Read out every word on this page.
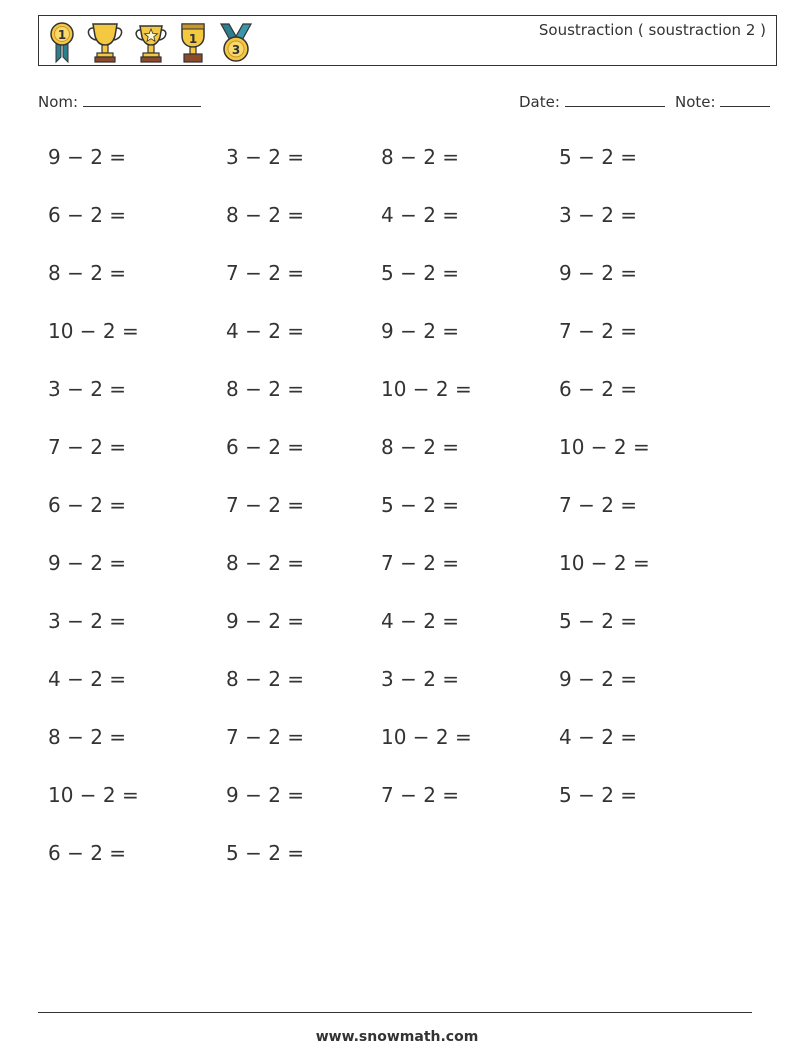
1	1
3
Soustraction ( soustraction 2 )
Nom:	Date:	Note:
9 − 2 =	3 − 2 =	8 − 2 =	5 − 2 =
6 − 2 =	8 − 2 =	4 − 2 =	3 − 2 =
8 − 2 =	7 − 2 =	5 − 2 =	9 − 2 =
10 − 2 =	4 − 2 =	9 − 2 =	7 − 2 =
3 − 2 =	8 − 2 =	10 − 2 =	6 − 2 =
7 − 2 =	6 − 2 =	8 − 2 =	10 − 2 =
6 − 2 =	7 − 2 =	5 − 2 =	7 − 2 =
9 − 2 =	8 − 2 =	7 − 2 =	10 − 2 =
3 − 2 =	9 − 2 =	4 − 2 =	5 − 2 =
4 − 2 =	8 − 2 =	3 − 2 =	9 − 2 =
8 − 2 =	7 − 2 =	10 − 2 =	4 − 2 =
10 − 2 =	9 − 2 =	7 − 2 =	5 − 2 =
6 − 2 =	5 − 2 =
www.snowmath.com
